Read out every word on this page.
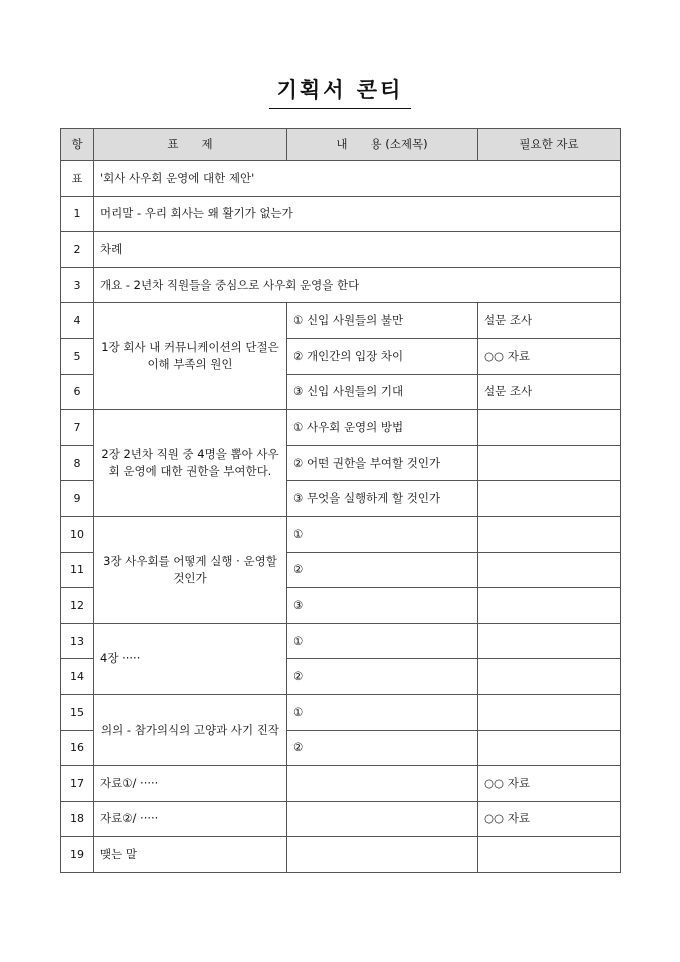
기획서 콘티
항	표　　제	내　　용 (소제목)	필요한 자료
표	'회사 사우회 운영에 대한 제안'		
1	머리말 - 우리 회사는 왜 활기가 없는가		
2	차례		
3	개요 - 2년차 직원들을 중심으로 사우회 운영을 한다		
4	1장 회사 내 커뮤니케이션의 단절은 이해 부족의 원인	① 신입 사원들의 불만	설문 조사
5		② 개인간의 입장 차이	○○ 자료
6		③ 신입 사원들의 기대	설문 조사
7	2장 2년차 직원 중 4명을 뽑아 사우회 운영에 대한 권한을 부여한다.	① 사우회 운영의 방법	
8		② 어떤 권한을 부여할 것인가	
9		③ 무엇을 실행하게 할 것인가	
10	3장 사우회를 어떻게 실행 · 운영할 것인가	①	
11		②	
12		③	
13	4장 ·····	①	
14		②	
15	의의 - 참가의식의 고양과 사기 진작	①	
16		②	
17	자료①/ ·····		○○ 자료
18	자료②/ ·····		○○ 자료
19	맺는 말		
